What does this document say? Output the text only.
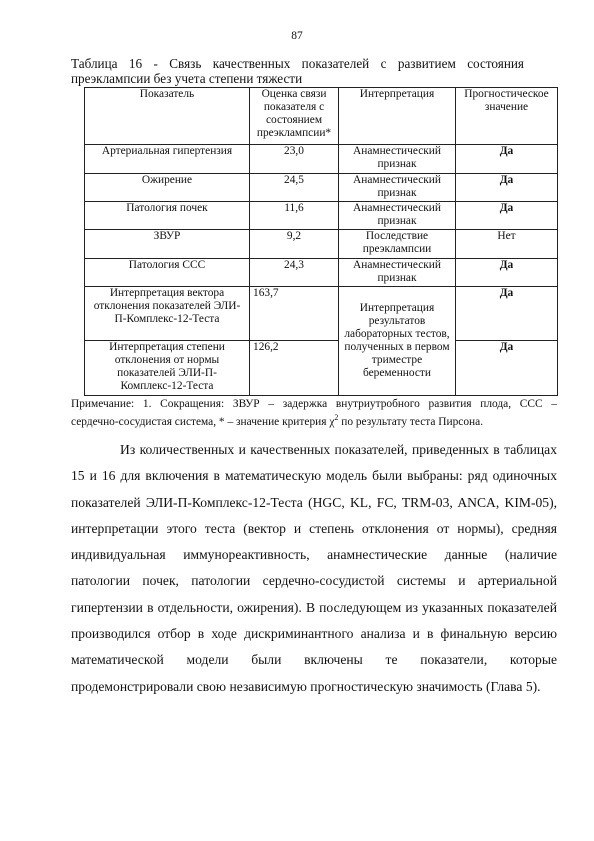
87
Таблица 16 - Связь качественных показателей с развитием состояния
преэклампсии без учета степени тяжести
Показатель	Оценка связи показателя с состоянием преэклампсии*	Интерпретация	Прогностическое значение
Артериальная гипертензия	23,0	Анамнестический признак	Да
Ожирение	24,5	Анамнестический признак	Да
Патология почек	11,6	Анамнестический признак	Да
ЗВУР	9,2	Последствие преэклампсии	Нет
Патология ССС	24,3	Анамнестический признак	Да
Интерпретация вектора отклонения показателей ЭЛИ-П-Комплекс-12-Теста	163,7	Интерпретация результатов лабораторных тестов, полученных в первом триместре беременности	Да
Интерпретация степени отклонения от нормы показателей ЭЛИ-П-Комплекс-12-Теста	126,2		Да
Примечание: 1. Сокращения: ЗВУР – задержка внутриутробного развития плода, ССС –
сердечно-сосудистая система, * – значение критерия $\chi^2$ по результату теста Пирсона.
Из количественных и качественных показателей, приведенных в таблицах 15 и 16 для включения в математическую модель были выбраны: ряд одиночных показателей ЭЛИ-П-Комплекс-12-Теста (HGC, KL, FC, TRM-03, ANCA, KIM-05), интерпретации этого теста (вектор и степень отклонения от нормы), средняя индивидуальная иммунореактивность, анамнестические данные (наличие патологии почек, патологии сердечно-сосудистой системы и артериальной гипертензии в отдельности, ожирения). В последующем из указанных показателей производился отбор в ходе дискриминантного анализа и в финальную версию математической модели были включены те показатели, которые продемонстрировали свою независимую прогностическую значимость (Глава 5).
